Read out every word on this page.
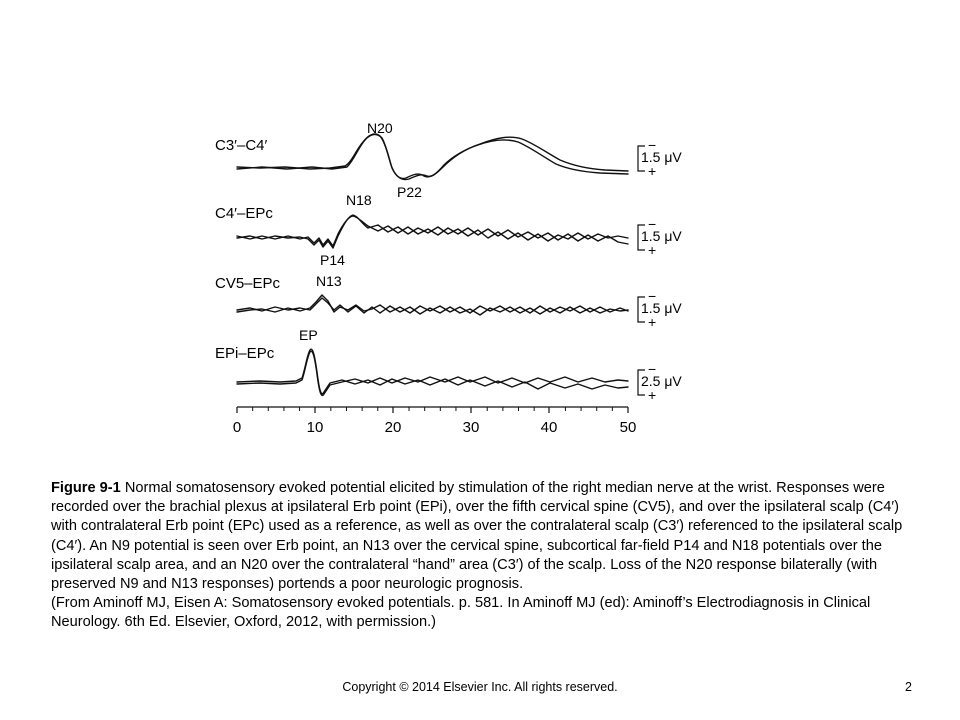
C3′–C4′
C4′–EPc
CV5–EPc
EPi–EPc
N20
P22
N18
P14
N13
EP
−
1.5 μV
+
−
1.5 μV
+
−
1.5 μV
+
−
2.5 μV
+
0	10	20	30	40	50

Figure 9-1 Normal somatosensory evoked potential elicited by stimulation of the right median nerve at the wrist. Responses were recorded over the brachial plexus at ipsilateral Erb point (EPi), over the fifth cervical spine (CV5), and over the ipsilateral scalp (C4′) with contralateral Erb point (EPc) used as a reference, as well as over the contralateral scalp (C3′) referenced to the ipsilateral scalp (C4′). An N9 potential is seen over Erb point, an N13 over the cervical spine, subcortical far-field P14 and N18 potentials over the ipsilateral scalp area, and an N20 over the contralateral “hand” area (C3′) of the scalp. Loss of the N20 response bilaterally (with preserved N9 and N13 responses) portends a poor neurologic prognosis.

(From Aminoff MJ, Eisen A: Somatosensory evoked potentials. p. 581. In Aminoff MJ (ed): Aminoff’s Electrodiagnosis in Clinical Neurology. 6th Ed. Elsevier, Oxford, 2012, with permission.)

Copyright © 2014 Elsevier Inc. All rights reserved.	2
